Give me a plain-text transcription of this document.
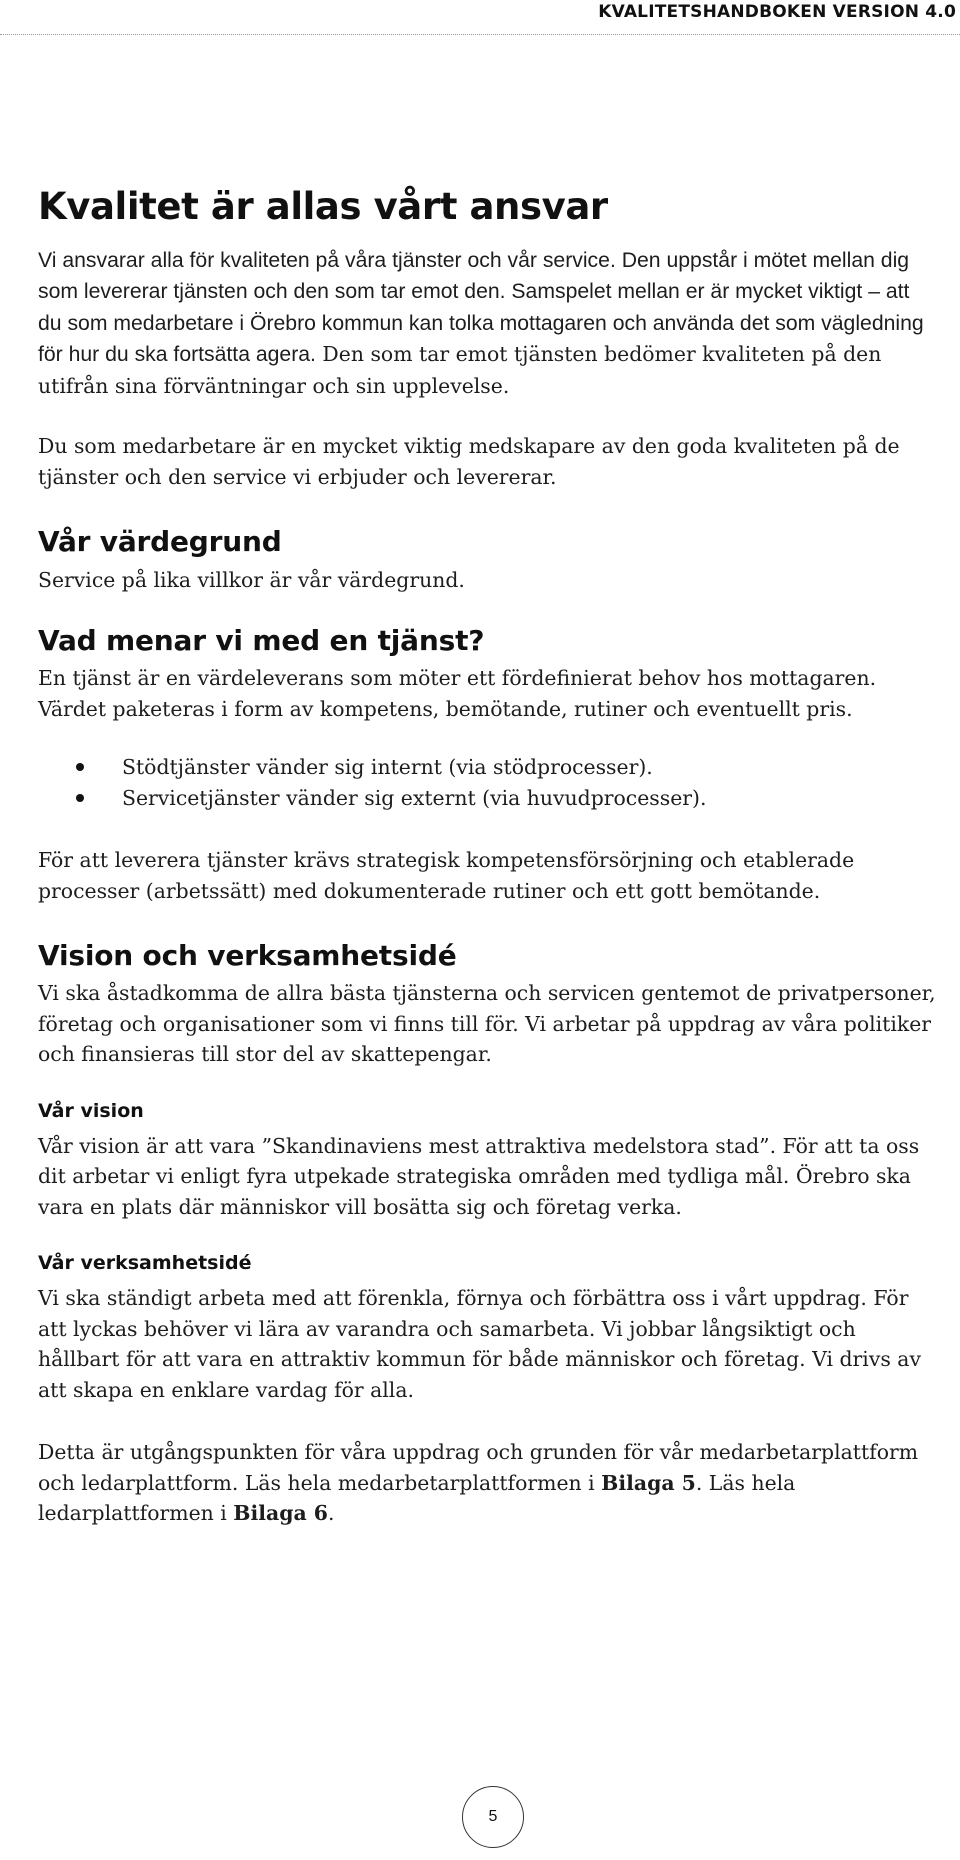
KVALITETSHANDBOKEN VERSION 4.0
Kvalitet är allas vårt ansvar

Vi ansvarar alla för kvaliteten på våra tjänster och vår service. Den uppstår i mötet mellan dig som levererar tjänsten och den som tar emot den. Samspelet mellan er är mycket viktigt – att du som medarbetare i Örebro kommun kan tolka mottagaren och använda det som vägledning för hur du ska fortsätta agera. Den som tar emot tjänsten bedömer kvaliteten på den utifrån sina förväntningar och sin upplevelse.

Du som medarbetare är en mycket viktig medskapare av den goda kvaliteten på de tjänster och den service vi erbjuder och levererar.

Vår värdegrund

Service på lika villkor är vår värdegrund.

Vad menar vi med en tjänst?

En tjänst är en värdeleverans som möter ett fördefinierat behov hos mottagaren. Värdet paketeras i form av kompetens, bemötande, rutiner och eventuellt pris.

Stödtjänster vänder sig internt (via stödprocesser).

Servicetjänster vänder sig externt (via huvudprocesser).

För att leverera tjänster krävs strategisk kompetensförsörjning och etablerade processer (arbetssätt) med dokumenterade rutiner och ett gott bemötande.

Vision och verksamhetsidé

Vi ska åstadkomma de allra bästa tjänsterna och servicen gentemot de privatpersoner, företag och organisationer som vi finns till för. Vi arbetar på uppdrag av våra politiker och finansieras till stor del av skattepengar.

Vår vision

Vår vision är att vara ”Skandinaviens mest attraktiva medelstora stad”. För att ta oss dit arbetar vi enligt fyra utpekade strategiska områden med tydliga mål. Örebro ska vara en plats där människor vill bosätta sig och företag verka.

Vår verksamhetsidé

Vi ska ständigt arbeta med att förenkla, förnya och förbättra oss i vårt uppdrag. För att lyckas behöver vi lära av varandra och samarbeta. Vi jobbar långsiktigt och hållbart för att vara en attraktiv kommun för både människor och företag. Vi drivs av att skapa en enklare vardag för alla.

Detta är utgångspunkten för våra uppdrag och grunden för vår medarbetarplattform och ledarplattform. Läs hela medarbetarplattformen i Bilaga 5. Läs hela ledarplattformen i Bilaga 6.

5
